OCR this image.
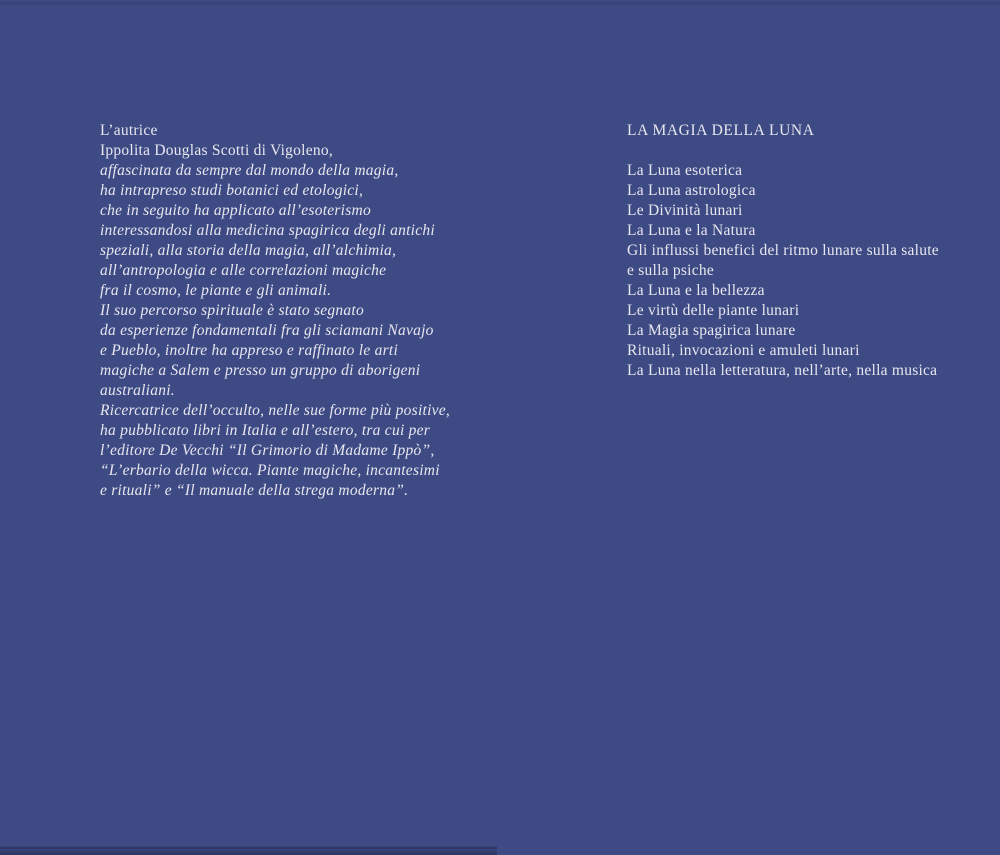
L’autrice
Ippolita Douglas Scotti di Vigoleno,
affascinata da sempre dal mondo della magia,
ha intrapreso studi botanici ed etologici,
che in seguito ha applicato all’esoterismo
interessandosi alla medicina spagirica degli antichi
speziali, alla storia della magia, all’alchimia,
all’antropologia e alle correlazioni magiche
fra il cosmo, le piante e gli animali.
Il suo percorso spirituale è stato segnato
da esperienze fondamentali fra gli sciamani Navajo
e Pueblo, inoltre ha appreso e raffinato le arti
magiche a Salem e presso un gruppo di aborigeni
australiani.
Ricercatrice dell’occulto, nelle sue forme più positive,
ha pubblicato libri in Italia e all’estero, tra cui per
l’editore De Vecchi “Il Grimorio di Madame Ippò”,
“L’erbario della wicca. Piante magiche, incantesimi
e rituali” e “Il manuale della strega moderna”.
LA MAGIA DELLA LUNA
La Luna esoterica
La Luna astrologica
Le Divinità lunari
La Luna e la Natura
Gli influssi benefici del ritmo lunare sulla salute
e sulla psiche
La Luna e la bellezza
Le virtù delle piante lunari
La Magia spagirica lunare
Rituali, invocazioni e amuleti lunari
La Luna nella letteratura, nell’arte, nella musica
